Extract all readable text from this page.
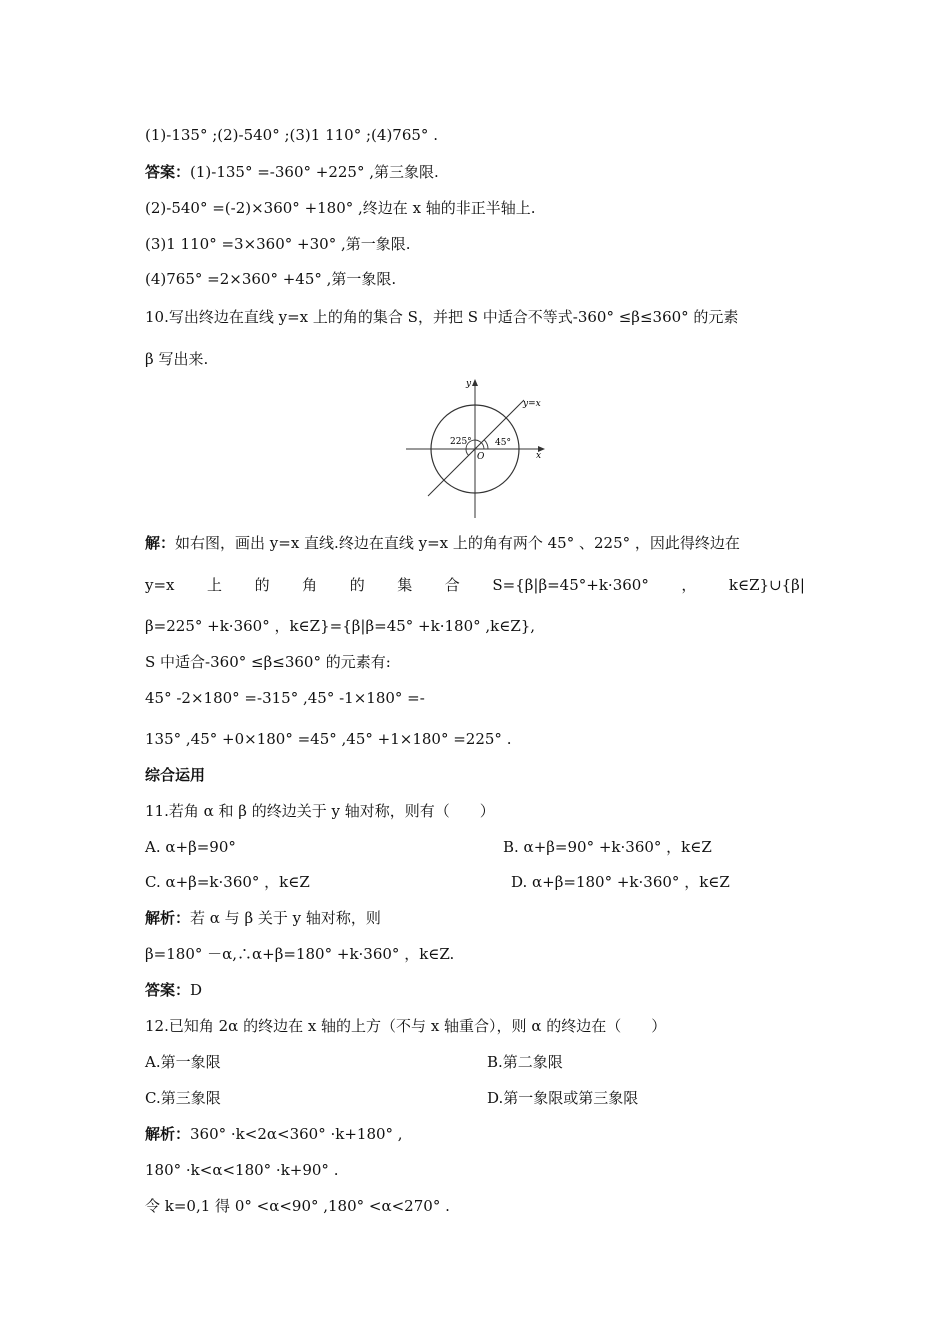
(1)-135° ;(2)-540° ;(3)1 110° ;(4)765° .
答案：(1)-135° =-360° +225° ,第三象限.
(2)-540° =(-2)×360° +180° ,终边在 x 轴的非正半轴上.
(3)1 110° =3×360° +30° ,第一象限.
(4)765° =2×360° +45° ,第一象限.
10.写出终边在直线 y=x 上的角的集合 S，并把 S 中适合不等式-360° ≤β≤360° 的元素
β 写出来.
y
x
y=x
O
225°	45°
解：如右图，画出 y=x 直线.终边在直线 y=x 上的角有两个 45° 、225° ，因此得终边在
y=x 上 的 角 的 集 合 S={β|β=45°+k·360° ， k∈Z}∪{β|
β=225° +k·360° ，k∈Z}={β|β=45° +k·180° ,k∈Z},
S 中适合-360° ≤β≤360° 的元素有:
45° -2×180° =-315° ,45° -1×180° =-
135° ,45° +0×180° =45° ,45° +1×180° =225° .
综合运用
11.若角 α 和 β 的终边关于 y 轴对称，则有（　　）
A. α+β=90°	B. α+β=90° +k·360° ，k∈Z
C. α+β=k·360° ，k∈Z	D. α+β=180° +k·360° ，k∈Z
解析：若 α 与 β 关于 y 轴对称，则
β=180° －α,∴α+β=180° +k·360° ，k∈Z.
答案：D
12.已知角 2α 的终边在 x 轴的上方（不与 x 轴重合），则 α 的终边在（　　）
A.第一象限	B.第二象限
C.第三象限	D.第一象限或第三象限
解析：360° ·k<2α<360° ·k+180° ,
180° ·k<α<180° ·k+90° .
令 k=0,1 得 0° <α<90° ,180° <α<270° .
